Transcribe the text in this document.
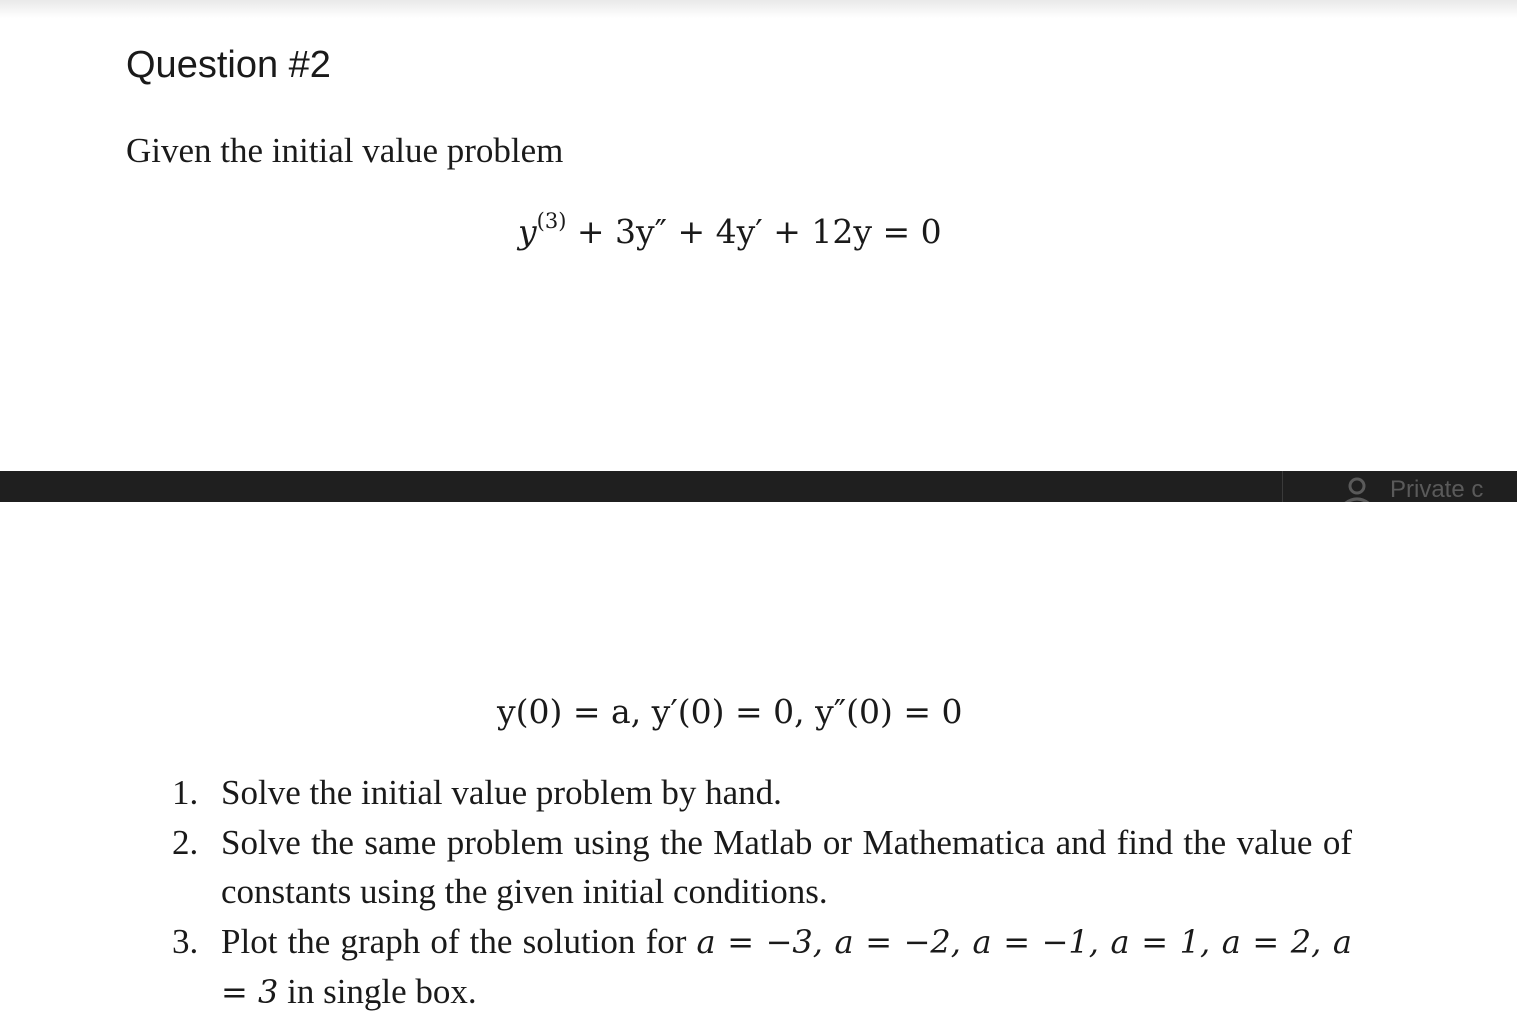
Question #2
Given the initial value problem
$y^{(3)} + 3y'' + 4y' + 12y = 0$
Private c
y(0) = a, y′(0) = 0, y″(0) = 0
1. Solve the initial value problem by hand.
2. Solve the same problem using the Matlab or Mathematica and find the value of constants using the given initial conditions.
3. Plot the graph of the solution for a = −3, a = −2, a = −1, a = 1, a = 2, a = 3 in single box.
